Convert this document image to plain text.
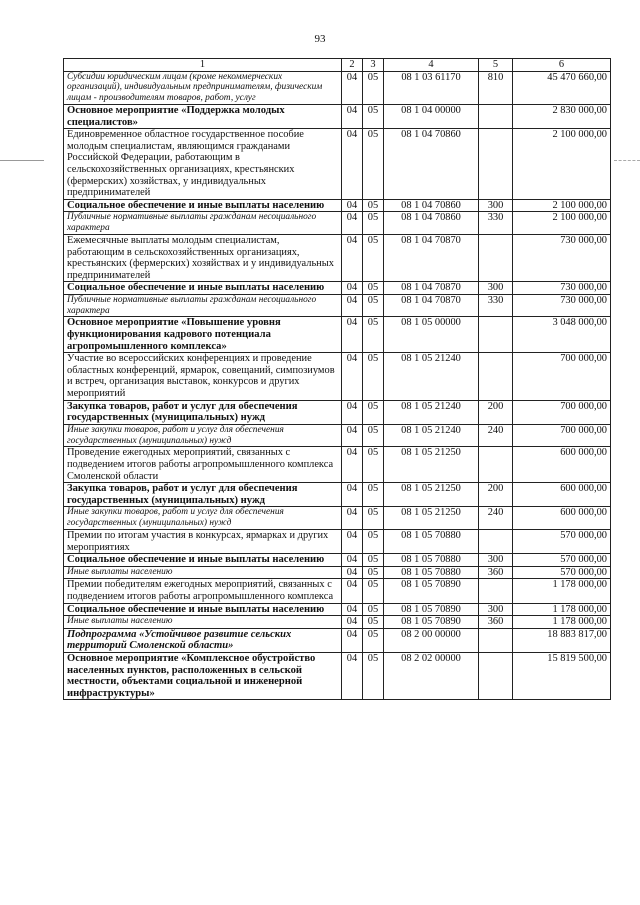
93
1	2	3	4	5	6
Субсидии юридическим лицам (кроме некоммерческих организаций), индивидуальным предпринимателям, физическим лицам - производителям товаров, работ, услуг	04	05	08 1 03 61170	810	45 470 660,00
Основное мероприятие «Поддержка молодых специалистов»	04	05	08 1 04 00000		2 830 000,00
Единовременное областное государственное пособие молодым специалистам, являющимся гражданами Российской Федерации, работающим в сельскохозяйственных организациях, крестьянских (фермерских) хозяйствах, у индивидуальных предпринимателей	04	05	08 1 04 70860		2 100 000,00
Социальное обеспечение и иные выплаты населению	04	05	08 1 04 70860	300	2 100 000,00
Публичные нормативные выплаты гражданам несоциального характера	04	05	08 1 04 70860	330	2 100 000,00
Ежемесячные выплаты молодым специалистам, работающим в сельскохозяйственных организациях, крестьянских (фермерских) хозяйствах и у индивидуальных предпринимателей	04	05	08 1 04 70870		730 000,00
Социальное обеспечение и иные выплаты населению	04	05	08 1 04 70870	300	730 000,00
Публичные нормативные выплаты гражданам несоциального характера	04	05	08 1 04 70870	330	730 000,00
Основное мероприятие «Повышение уровня функционирования кадрового потенциала агропромышленного комплекса»	04	05	08 1 05 00000		3 048 000,00
Участие во всероссийских конференциях и проведение областных конференций, ярмарок, совещаний, симпозиумов и встреч, организация выставок, конкурсов и других мероприятий	04	05	08 1 05 21240		700 000,00
Закупка товаров, работ и услуг для обеспечения государственных (муниципальных) нужд	04	05	08 1 05 21240	200	700 000,00
Иные закупки товаров, работ и услуг для обеспечения государственных (муниципальных) нужд	04	05	08 1 05 21240	240	700 000,00
Проведение ежегодных мероприятий, связанных с подведением итогов работы агропромышленного комплекса Смоленской области	04	05	08 1 05 21250		600 000,00
Закупка товаров, работ и услуг для обеспечения государственных (муниципальных) нужд	04	05	08 1 05 21250	200	600 000,00
Иные закупки товаров, работ и услуг для обеспечения государственных (муниципальных) нужд	04	05	08 1 05 21250	240	600 000,00
Премии по итогам участия в конкурсах, ярмарках и других мероприятиях	04	05	08 1 05 70880		570 000,00
Социальное обеспечение и иные выплаты населению	04	05	08 1 05 70880	300	570 000,00
Иные выплаты населению	04	05	08 1 05 70880	360	570 000,00
Премии победителям ежегодных мероприятий, связанных с подведением итогов работы агропромышленного комплекса	04	05	08 1 05 70890		1 178 000,00
Социальное обеспечение и иные выплаты населению	04	05	08 1 05 70890	300	1 178 000,00
Иные выплаты населению	04	05	08 1 05 70890	360	1 178 000,00
Подпрограмма «Устойчивое развитие сельских территорий Смоленской области»	04	05	08 2 00 00000		18 883 817,00
Основное мероприятие «Комплексное обустройство населенных пунктов, расположенных в сельской местности, объектами социальной и инженерной инфраструктуры»	04	05	08 2 02 00000		15 819 500,00
